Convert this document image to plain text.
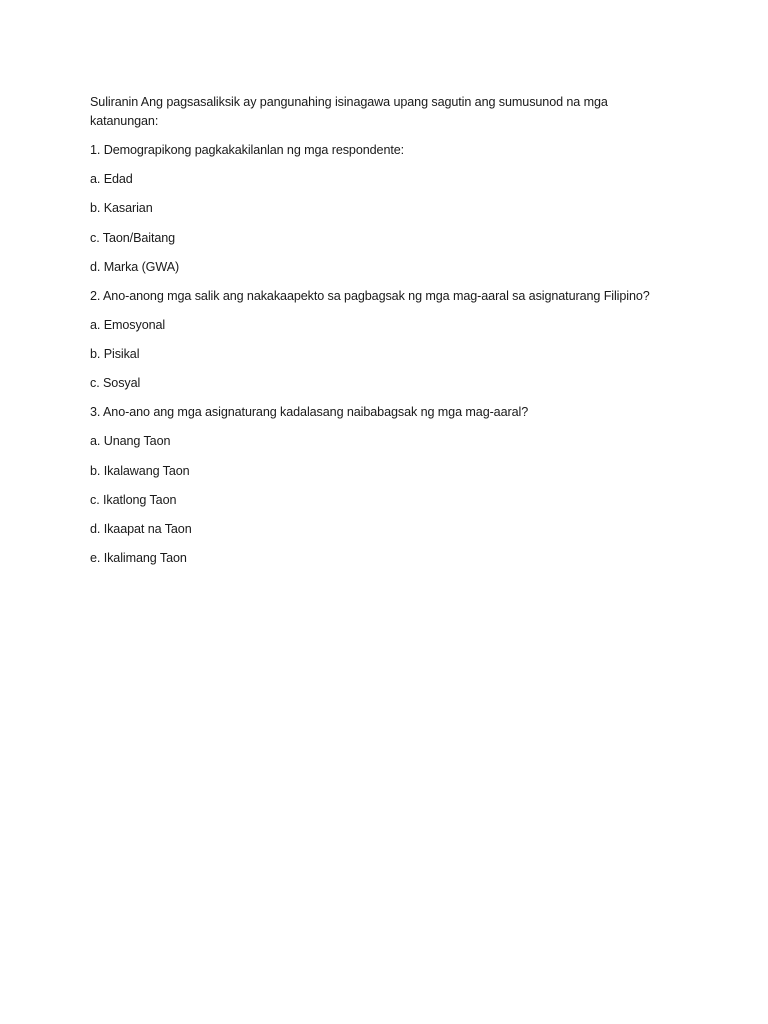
Suliranin Ang pagsasaliksik ay pangunahing isinagawa upang sagutin ang sumusunod na mga
katanungan:
1. Demograpikong pagkakakilanlan ng mga respondente:
a. Edad
b. Kasarian
c. Taon/Baitang
d. Marka (GWA)
2. Ano-anong mga salik ang nakakaapekto sa pagbagsak ng mga mag-aaral sa asignaturang Filipino?
a. Emosyonal
b. Pisikal
c. Sosyal
3. Ano-ano ang mga asignaturang kadalasang naibabagsak ng mga mag-aaral?
a. Unang Taon
b. Ikalawang Taon
c. Ikatlong Taon
d. Ikaapat na Taon
e. Ikalimang Taon
